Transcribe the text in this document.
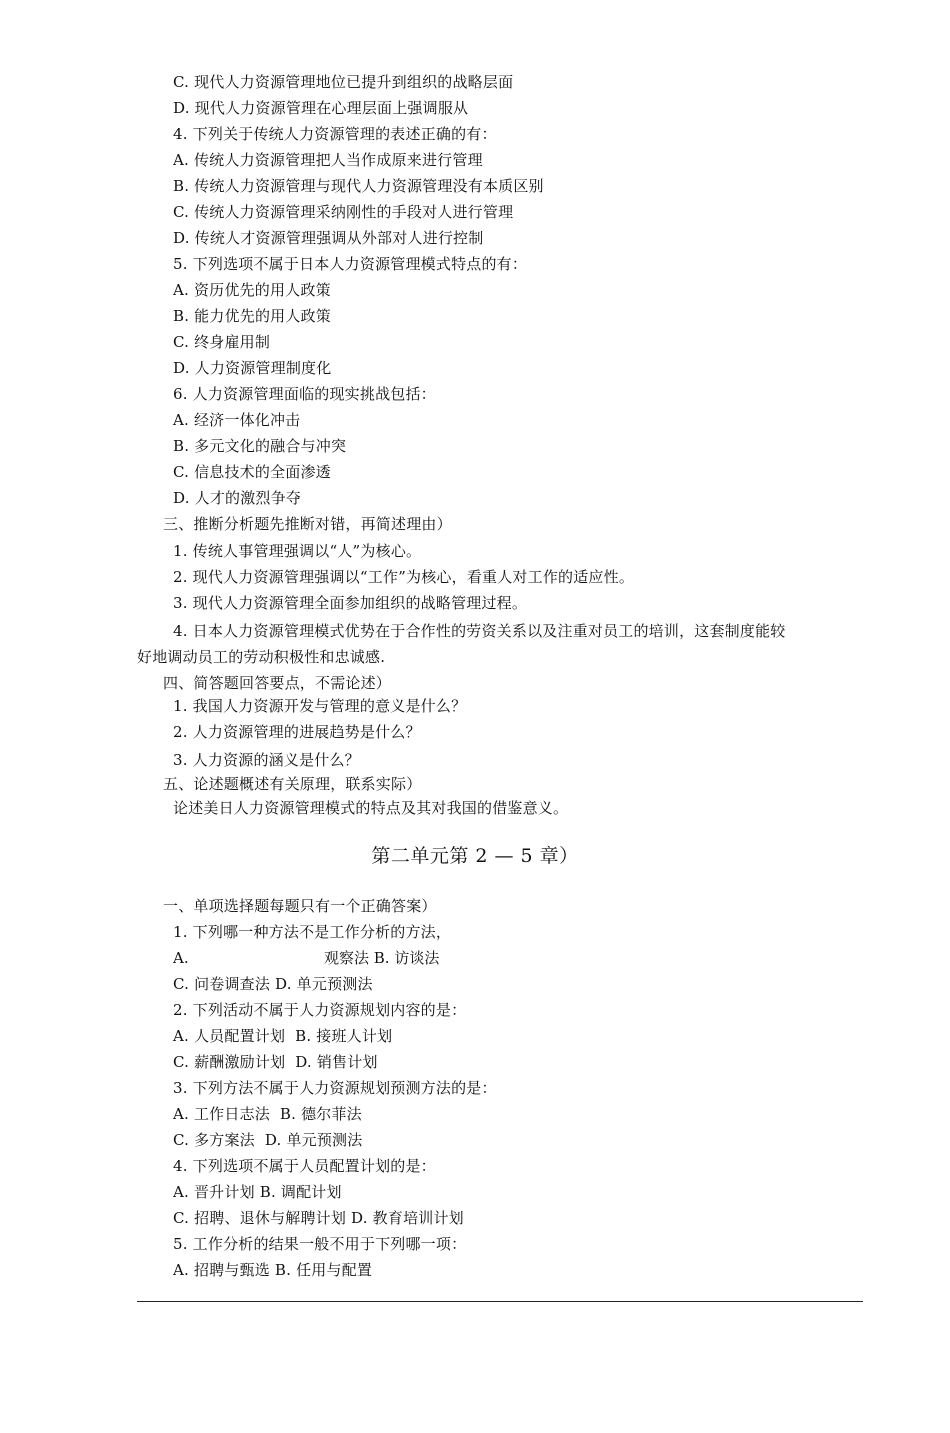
C. 现代人力资源管理地位已提升到组织的战略层面
D. 现代人力资源管理在心理层面上强调服从
4. 下列关于传统人力资源管理的表述正确的有：
A. 传统人力资源管理把人当作成原来进行管理
B. 传统人力资源管理与现代人力资源管理没有本质区别
C. 传统人力资源管理采纳刚性的手段对人进行管理
D. 传统人才资源管理强调从外部对人进行控制
5. 下列选项不属于日本人力资源管理模式特点的有：
A. 资历优先的用人政策
B. 能力优先的用人政策
C. 终身雇用制
D. 人力资源管理制度化
6. 人力资源管理面临的现实挑战包括：
A. 经济一体化冲击
B. 多元文化的融合与冲突
C. 信息技术的全面渗透
D. 人才的激烈争夺
三、推断分析题先推断对错，再简述理由）
1. 传统人事管理强调以“人”为核心。
2. 现代人力资源管理强调以“工作”为核心，看重人对工作的适应性。
3. 现代人力资源管理全面参加组织的战略管理过程。
4. 日本人力资源管理模式优势在于合作性的劳资关系以及注重对员工的培训，这套制度能较
好地调动员工的劳动积极性和忠诚感.
四、简答题回答要点，不需论述）
1. 我国人力资源开发与管理的意义是什么？
2. 人力资源管理的进展趋势是什么？
3. 人力资源的涵义是什么？
五、论述题概述有关原理，联系实际）
论述美日人力资源管理模式的特点及其对我国的借鉴意义。
第二单元第 2 — 5 章）
一、单项选择题每题只有一个正确答案）
1. 下列哪一种方法不是工作分析的方法，
A.	观察法 B. 访谈法
C. 问卷调查法 D. 单元预测法
2. 下列活动不属于人力资源规划内容的是：
A. 人员配置计划  B. 接班人计划
C. 薪酬激励计划  D. 销售计划
3. 下列方法不属于人力资源规划预测方法的是：
A. 工作日志法  B. 德尔菲法
C. 多方案法  D. 单元预测法
4. 下列选项不属于人员配置计划的是：
A. 晋升计划 B. 调配计划
C. 招聘、退休与解聘计划 D. 教育培训计划
5. 工作分析的结果一般不用于下列哪一项：
A. 招聘与甄选 B. 任用与配置
